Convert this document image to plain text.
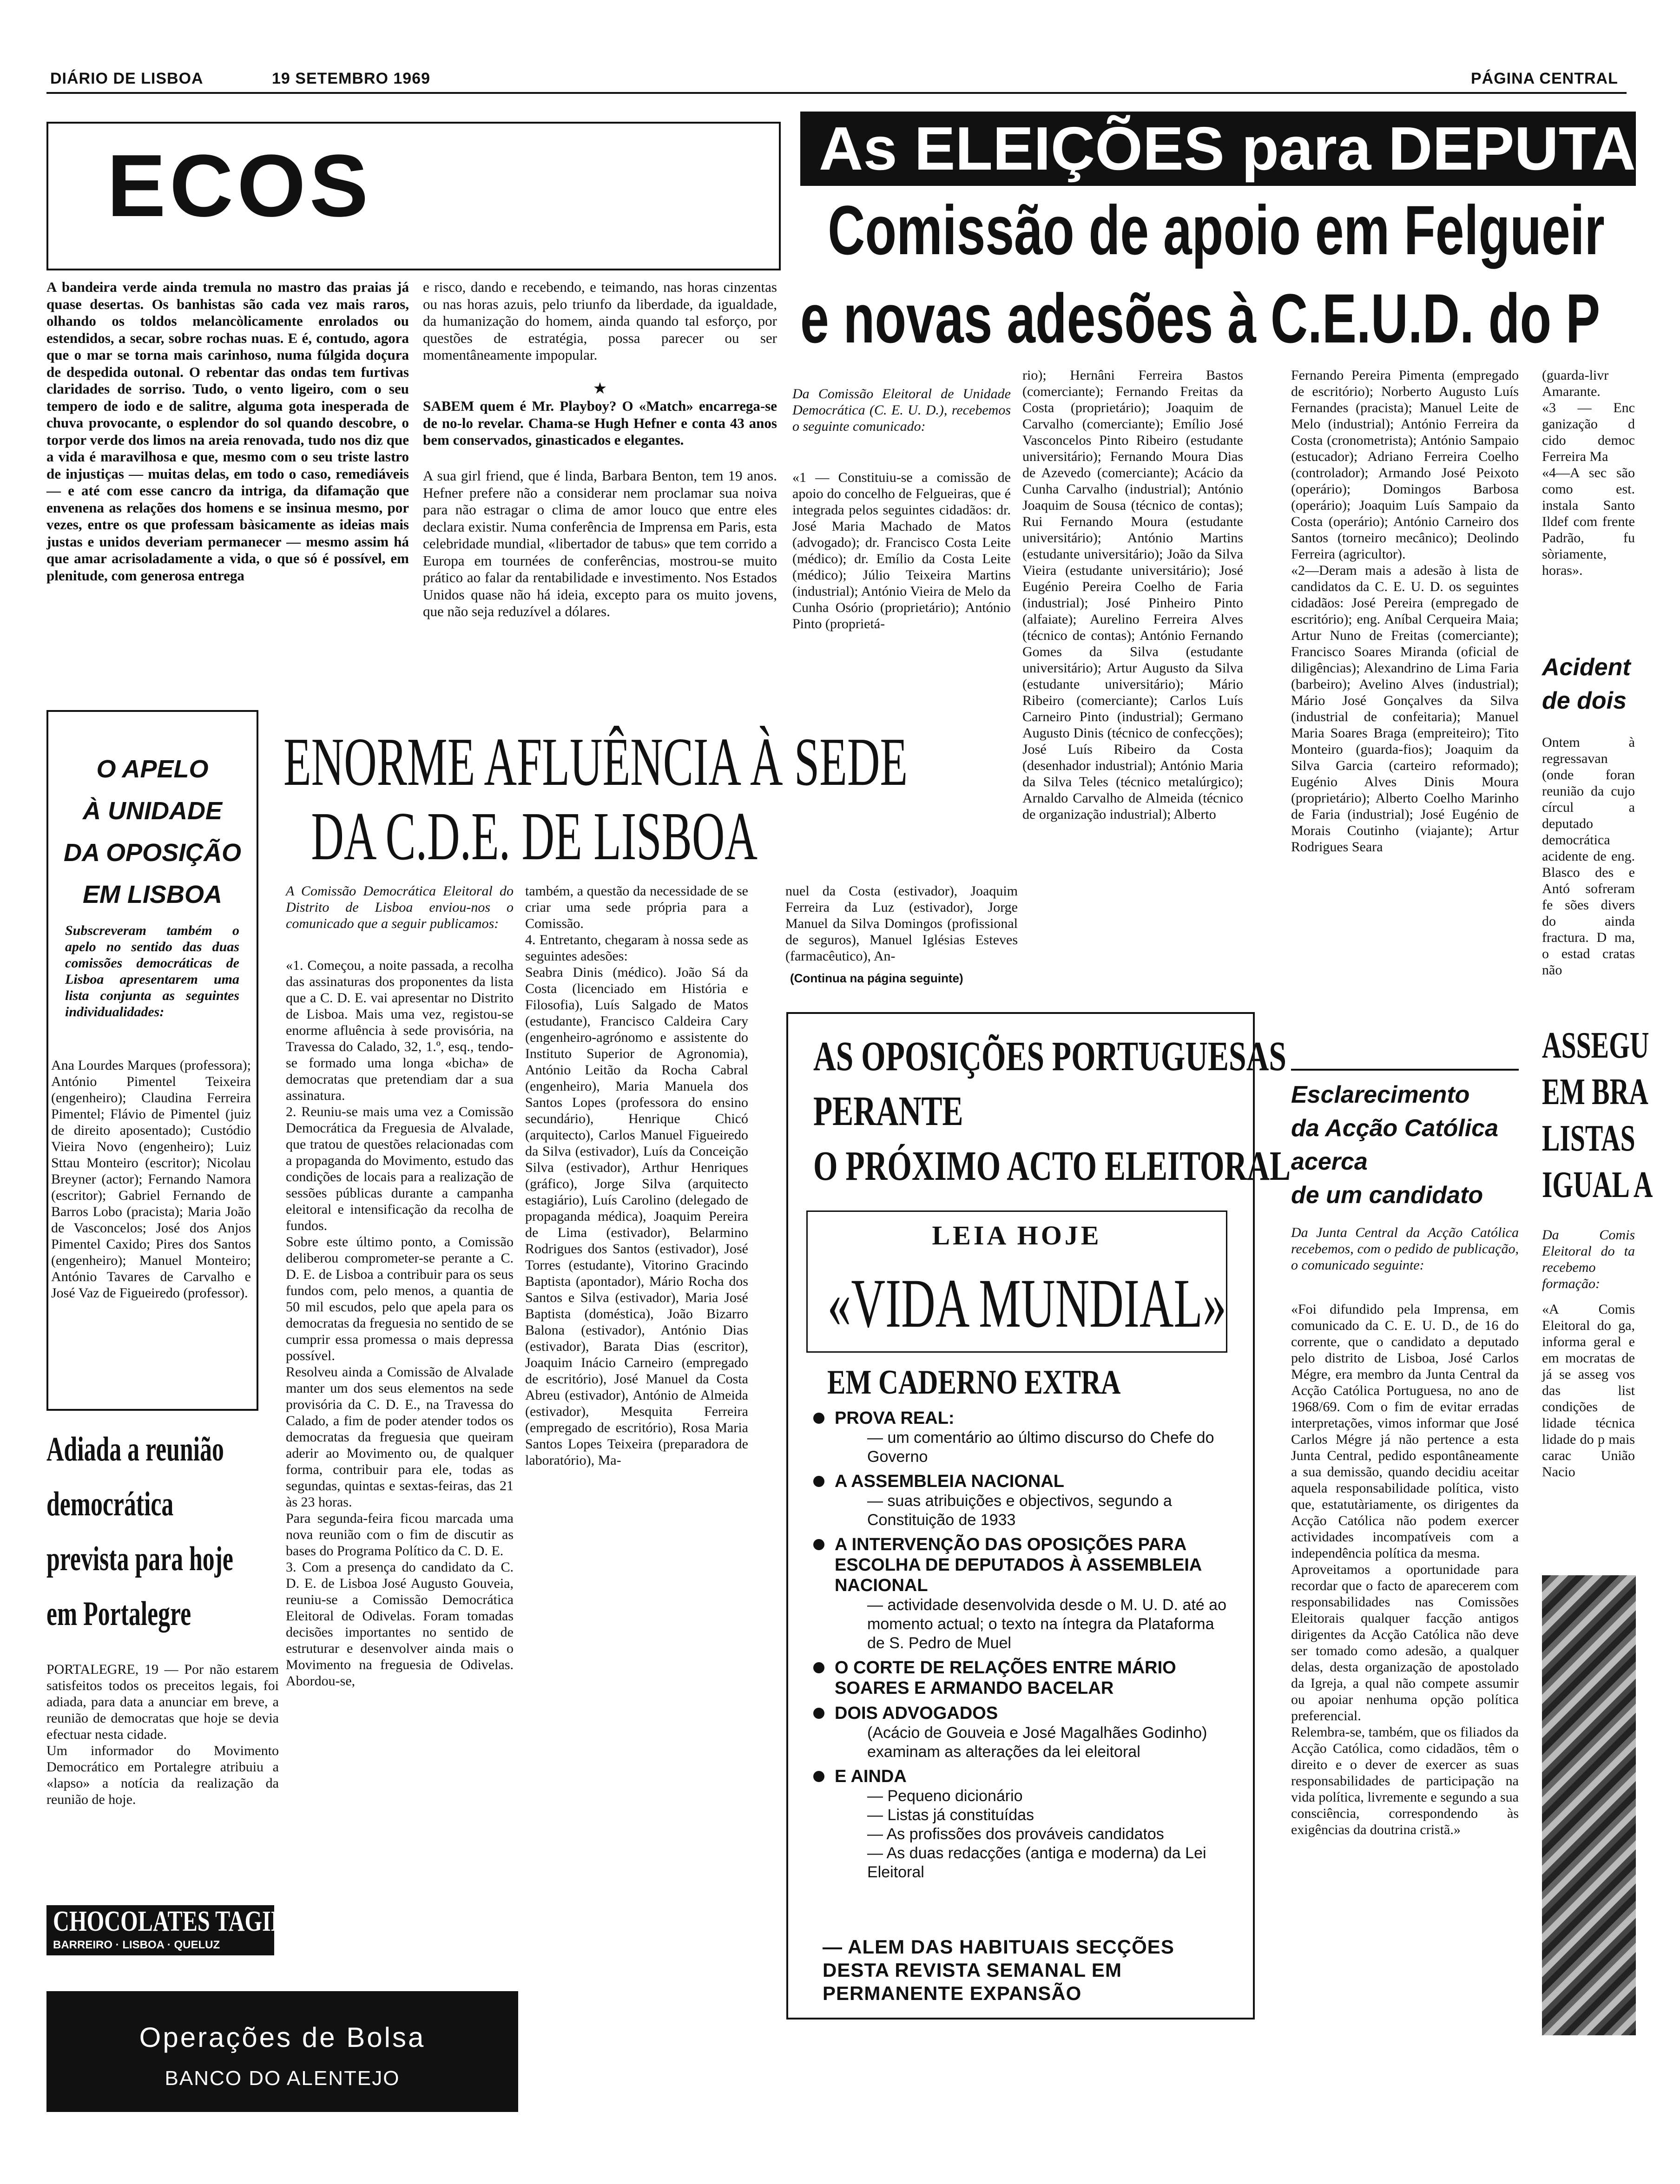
DIÁRIO DE LISBOA	19 SETEMBRO 1969	PÁGINA CENTRAL
ECOS
A bandeira verde ainda tremula no mastro das praias já quase desertas. Os banhistas são cada vez mais raros, olhando os toldos melancòlicamente enrolados ou estendidos, a secar, sobre rochas nuas. E é, contudo, agora que o mar se torna mais carinhoso, numa fúlgida doçura de despedida outonal. O rebentar das ondas tem furtivas claridades de sorriso. Tudo, o vento ligeiro, com o seu tempero de iodo e de salitre, alguma gota inesperada de chuva provocante, o esplendor do sol quando descobre, o torpor verde dos limos na areia renovada, tudo nos diz que a vida é maravilhosa e que, mesmo com o seu triste lastro de injustiças — muitas delas, em todo o caso, remediáveis — e até com esse cancro da intriga, da difamação que envenena as relações dos homens e se insinua mesmo, por vezes, entre os que professam bàsicamente as ideias mais justas e unidos deveriam permanecer — mesmo assim há que amar acrisoladamente a vida, o que só é possível, em plenitude, com generosa entrega
e risco, dando e recebendo, e teimando, nas horas cinzentas ou nas horas azuis, pelo triunfo da liberdade, da igualdade, da humanização do homem, ainda quando tal esforço, por questões de estratégia, possa parecer ou ser momentâneamente impopular.
★
SABEM quem é Mr. Playboy? O «Match» encarrega-se de no-lo revelar. Chama-se Hugh Hefner e conta 43 anos bem conservados, ginasticados e elegantes.
A sua girl friend, que é linda, Barbara Benton, tem 19 anos. Hefner prefere não a considerar nem proclamar sua noiva para não estragar o clima de amor louco que entre eles declara existir. Numa conferência de Imprensa em Paris, esta celebridade mundial, «libertador de tabus» que tem corrido a Europa em tournées de conferências, mostrou-se muito prático ao falar da rentabilidade e investimento. Nos Estados Unidos quase não há ideia, excepto para os muito jovens, que não seja reduzível a dólares.
As ELEIÇÕES para DEPUTAD
Comissão de apoio em Felgueir
e novas adesões à C.E.U.D. do P
Da Comissão Eleitoral de Unidade Democrática (C. E. U. D.), recebemos o seguinte comunicado:
«1 — Constituiu-se a comissão de apoio do concelho de Felgueiras, que é integrada pelos seguintes cidadãos: dr. José Maria Machado de Matos (advogado); dr. Francisco Costa Leite (médico); dr. Emílio da Costa Leite (médico); Júlio Teixeira Martins (industrial); António Vieira de Melo da Cunha Osório (proprietário); António Pinto (proprietá-
rio); Hernâni Ferreira Bastos (comerciante); Fernando Freitas da Costa (proprietário); Joaquim de Carvalho (comerciante); Emílio José Vasconcelos Pinto Ribeiro (estudante universitário); Fernando Moura Dias de Azevedo (comerciante); Acácio da Cunha Carvalho (industrial); António Joaquim de Sousa (técnico de contas); Rui Fernando Moura (estudante universitário); António Martins (estudante universitário); João da Silva Vieira (estudante universitário); José Eugénio Pereira Coelho de Faria (industrial); José Pinheiro Pinto (alfaiate); Aurelino Ferreira Alves (técnico de contas); António Fernando Gomes da Silva (estudante universitário); Artur Augusto da Silva (estudante universitário); Mário Ribeiro (comerciante); Carlos Luís Carneiro Pinto (industrial); Germano Augusto Dinis (técnico de confecções); José Luís Ribeiro da Costa (desenhador industrial); António Maria da Silva Teles (técnico metalúrgico); Arnaldo Carvalho de Almeida (técnico de organização industrial); Alberto
Fernando Pereira Pimenta (empregado de escritório); Norberto Augusto Luís Fernandes (pracista); Manuel Leite de Melo (industrial); António Ferreira da Costa (cronometrista); António Sampaio (estucador); Adriano Ferreira Coelho (controlador); Armando José Peixoto (operário); Domingos Barbosa (operário); Joaquim Luís Sampaio da Costa (operário); António Carneiro dos Santos (torneiro mecânico); Deolindo Ferreira (agricultor).
«2—Deram mais a adesão à lista de candidatos da C. E. U. D. os seguintes cidadãos: José Pereira (empregado de escritório); eng. Aníbal Cerqueira Maia; Artur Nuno de Freitas (comerciante); Francisco Soares Miranda (oficial de diligências); Alexandrino de Lima Faria (barbeiro); Avelino Alves (industrial); Mário José Gonçalves da Silva (industrial de confeitaria); Manuel Maria Soares Braga (empreiteiro); Tito Monteiro (guarda-fios); Joaquim da Silva Garcia (carteiro reformado); Eugénio Alves Dinis Moura (proprietário); Alberto Coelho Marinho de Faria (industrial); José Eugénio de Morais Coutinho (viajante); Artur Rodrigues Seara
(guarda-livr Amarante.
«3 — Enc ganização d cido democ Ferreira Ma
«4—A sec são como est. instala Santo Ildef com frente Padrão, fu sòriamente, horas».
O APELO
À UNIDADE
DA OPOSIÇÃO
EM LISBOA
Subscreveram também o apelo no sentido das duas comissões democráticas de Lisboa apresentarem uma lista conjunta as seguintes individualidades:
Ana Lourdes Marques (professora); António Pimentel Teixeira (engenheiro); Claudina Ferreira Pimentel; Flávio de Pimentel (juiz de direito aposentado); Custódio Vieira Novo (engenheiro); Luiz Sttau Monteiro (escritor); Nicolau Breyner (actor); Fernando Namora (escritor); Gabriel Fernando de Barros Lobo (pracista); Maria João de Vasconcelos; José dos Anjos Pimentel Caxido; Pires dos Santos (engenheiro); Manuel Monteiro; António Tavares de Carvalho e José Vaz de Figueiredo (professor).
Adiada a reunião
democrática
prevista para hoje
em Portalegre
PORTALEGRE, 19 — Por não estarem satisfeitos todos os preceitos legais, foi adiada, para data a anunciar em breve, a reunião de democratas que hoje se devia efectuar nesta cidade.
Um informador do Movimento Democrático em Portalegre atribuiu a «lapso» a notícia da realização da reunião de hoje.
CHOCOLATES TAGIDES
BARREIRO · LISBOA · QUELUZ
Operações de Bolsa
BANCO DO ALENTEJO
ENORME AFLUÊNCIA À SEDE
DA C.D.E. DE LISBOA
A Comissão Democrática Eleitoral do Distrito de Lisboa enviou-nos o comunicado que a seguir publicamos:
«1. Começou, a noite passada, a recolha das assinaturas dos proponentes da lista que a C. D. E. vai apresentar no Distrito de Lisboa. Mais uma vez, registou-se enorme afluência à sede provisória, na Travessa do Calado, 32, 1.º, esq., tendo-se formado uma longa «bicha» de democratas que pretendiam dar a sua assinatura.
2. Reuniu-se mais uma vez a Comissão Democrática da Freguesia de Alvalade, que tratou de questões relacionadas com a propaganda do Movimento, estudo das condições de locais para a realização de sessões públicas durante a campanha eleitoral e intensificação da recolha de fundos.
Sobre este último ponto, a Comissão deliberou comprometer-se perante a C. D. E. de Lisboa a contribuir para os seus fundos com, pelo menos, a quantia de 50 mil escudos, pelo que apela para os democratas da freguesia no sentido de se cumprir essa promessa o mais depressa possível.
Resolveu ainda a Comissão de Alvalade manter um dos seus elementos na sede provisória da C. D. E., na Travessa do Calado, a fim de poder atender todos os democratas da freguesia que queiram aderir ao Movimento ou, de qualquer forma, contribuir para ele, todas as segundas, quintas e sextas-feiras, das 21 às 23 horas.
Para segunda-feira ficou marcada uma nova reunião com o fim de discutir as bases do Programa Político da C. D. E.
3. Com a presença do candidato da C. D. E. de Lisboa José Augusto Gouveia, reuniu-se a Comissão Democrática Eleitoral de Odivelas. Foram tomadas decisões importantes no sentido de estruturar e desenvolver ainda mais o Movimento na freguesia de Odivelas. Abordou-se,
também, a questão da necessidade de se criar uma sede própria para a Comissão.
4. Entretanto, chegaram à nossa sede as seguintes adesões:
Seabra Dinis (médico). João Sá da Costa (licenciado em História e Filosofia), Luís Salgado de Matos (estudante), Francisco Caldeira Cary (engenheiro-agrónomo e assistente do Instituto Superior de Agronomia), António Leitão da Rocha Cabral (engenheiro), Maria Manuela dos Santos Lopes (professora do ensino secundário), Henrique Chicó (arquitecto), Carlos Manuel Figueiredo da Silva (estivador), Luís da Conceição Silva (estivador), Arthur Henriques (gráfico), Jorge Silva (arquitecto estagiário), Luís Carolino (delegado de propaganda médica), Joaquim Pereira de Lima (estivador), Belarmino Rodrigues dos Santos (estivador), José Torres (estudante), Vitorino Gracindo Baptista (apontador), Mário Rocha dos Santos e Silva (estivador), Maria José Baptista (doméstica), João Bizarro Balona (estivador), António Dias (estivador), Barata Dias (escritor), Joaquim Inácio Carneiro (empregado de escritório), José Manuel da Costa Abreu (estivador), António de Almeida (estivador), Mesquita Ferreira (empregado de escritório), Rosa Maria Santos Lopes Teixeira (preparadora de laboratório), Ma-
nuel da Costa (estivador), Joaquim Ferreira da Luz (estivador), Jorge Manuel da Silva Domingos (profissional de seguros), Manuel Iglésias Esteves (farmacêutico), An-
(Continua na página seguinte)
AS OPOSIÇÕES PORTUGUESAS
PERANTE
O PRÓXIMO ACTO ELEITORAL
LEIA HOJE
«VIDA MUNDIAL»
EM CADERNO EXTRA
PROVA REAL:
— um comentário ao último discurso do Chefe do Governo
A ASSEMBLEIA NACIONAL
— suas atribuições e objectivos, segundo a Constituição de 1933
A INTERVENÇÃO DAS OPOSIÇÕES PARA ESCOLHA DE DEPUTADOS À ASSEMBLEIA NACIONAL
— actividade desenvolvida desde o M. U. D. até ao momento actual; o texto na íntegra da Plataforma de S. Pedro de Muel
O CORTE DE RELAÇÕES ENTRE MÁRIO SOARES E ARMANDO BACELAR
DOIS ADVOGADOS
(Acácio de Gouveia e José Magalhães Godinho) examinam as alterações da lei eleitoral
E AINDA
— Pequeno dicionário
— Listas já constituídas
— As profissões dos prováveis candidatos
— As duas redacções (antiga e moderna) da Lei Eleitoral
— ALEM DAS HABITUAIS SECÇÕES DESTA REVISTA SEMANAL EM PERMANENTE EXPANSÃO
Esclarecimento
da Acção Católica
acerca
de um candidato
Da Junta Central da Acção Católica recebemos, com o pedido de publicação, o comunicado seguinte:
«Foi difundido pela Imprensa, em comunicado da C. E. U. D., de 16 do corrente, que o candidato a deputado pelo distrito de Lisboa, José Carlos Mégre, era membro da Junta Central da Acção Católica Portuguesa, no ano de 1968/69. Com o fim de evitar erradas interpretações, vimos informar que José Carlos Mégre já não pertence a esta Junta Central, pedido espontâneamente a sua demissão, quando decidiu aceitar aquela responsabilidade política, visto que, estatutàriamente, os dirigentes da Acção Católica não podem exercer actividades incompatíveis com a independência política da mesma.
Aproveitamos a oportunidade para recordar que o facto de aparecerem com responsabilidades nas Comissões Eleitorais qualquer facção antigos dirigentes da Acção Católica não deve ser tomado como adesão, a qualquer delas, desta organização de apostolado da Igreja, a qual não compete assumir ou apoiar nenhuma opção política preferencial.
Relembra-se, também, que os filiados da Acção Católica, como cidadãos, têm o direito e o dever de exercer as suas responsabilidades de participação na vida política, livremente e segundo a sua consciência, correspondendo às exigências da doutrina cristã.»
Acident
de dois
Ontem à regressavan (onde foran reunião da cujo círcul a deputado democrática acidente de eng. Blasco des e Antó sofreram fe sões divers do ainda fractura. D ma, o estad cratas não
ASSEGU
EM BRA
LISTAS
IGUAL A
Da Comis Eleitoral do ta recebemo formação:
«A Comis Eleitoral do ga, informa geral e em mocratas de já se asseg vos das list condições de lidade técnica lidade do p mais carac União Nacio
